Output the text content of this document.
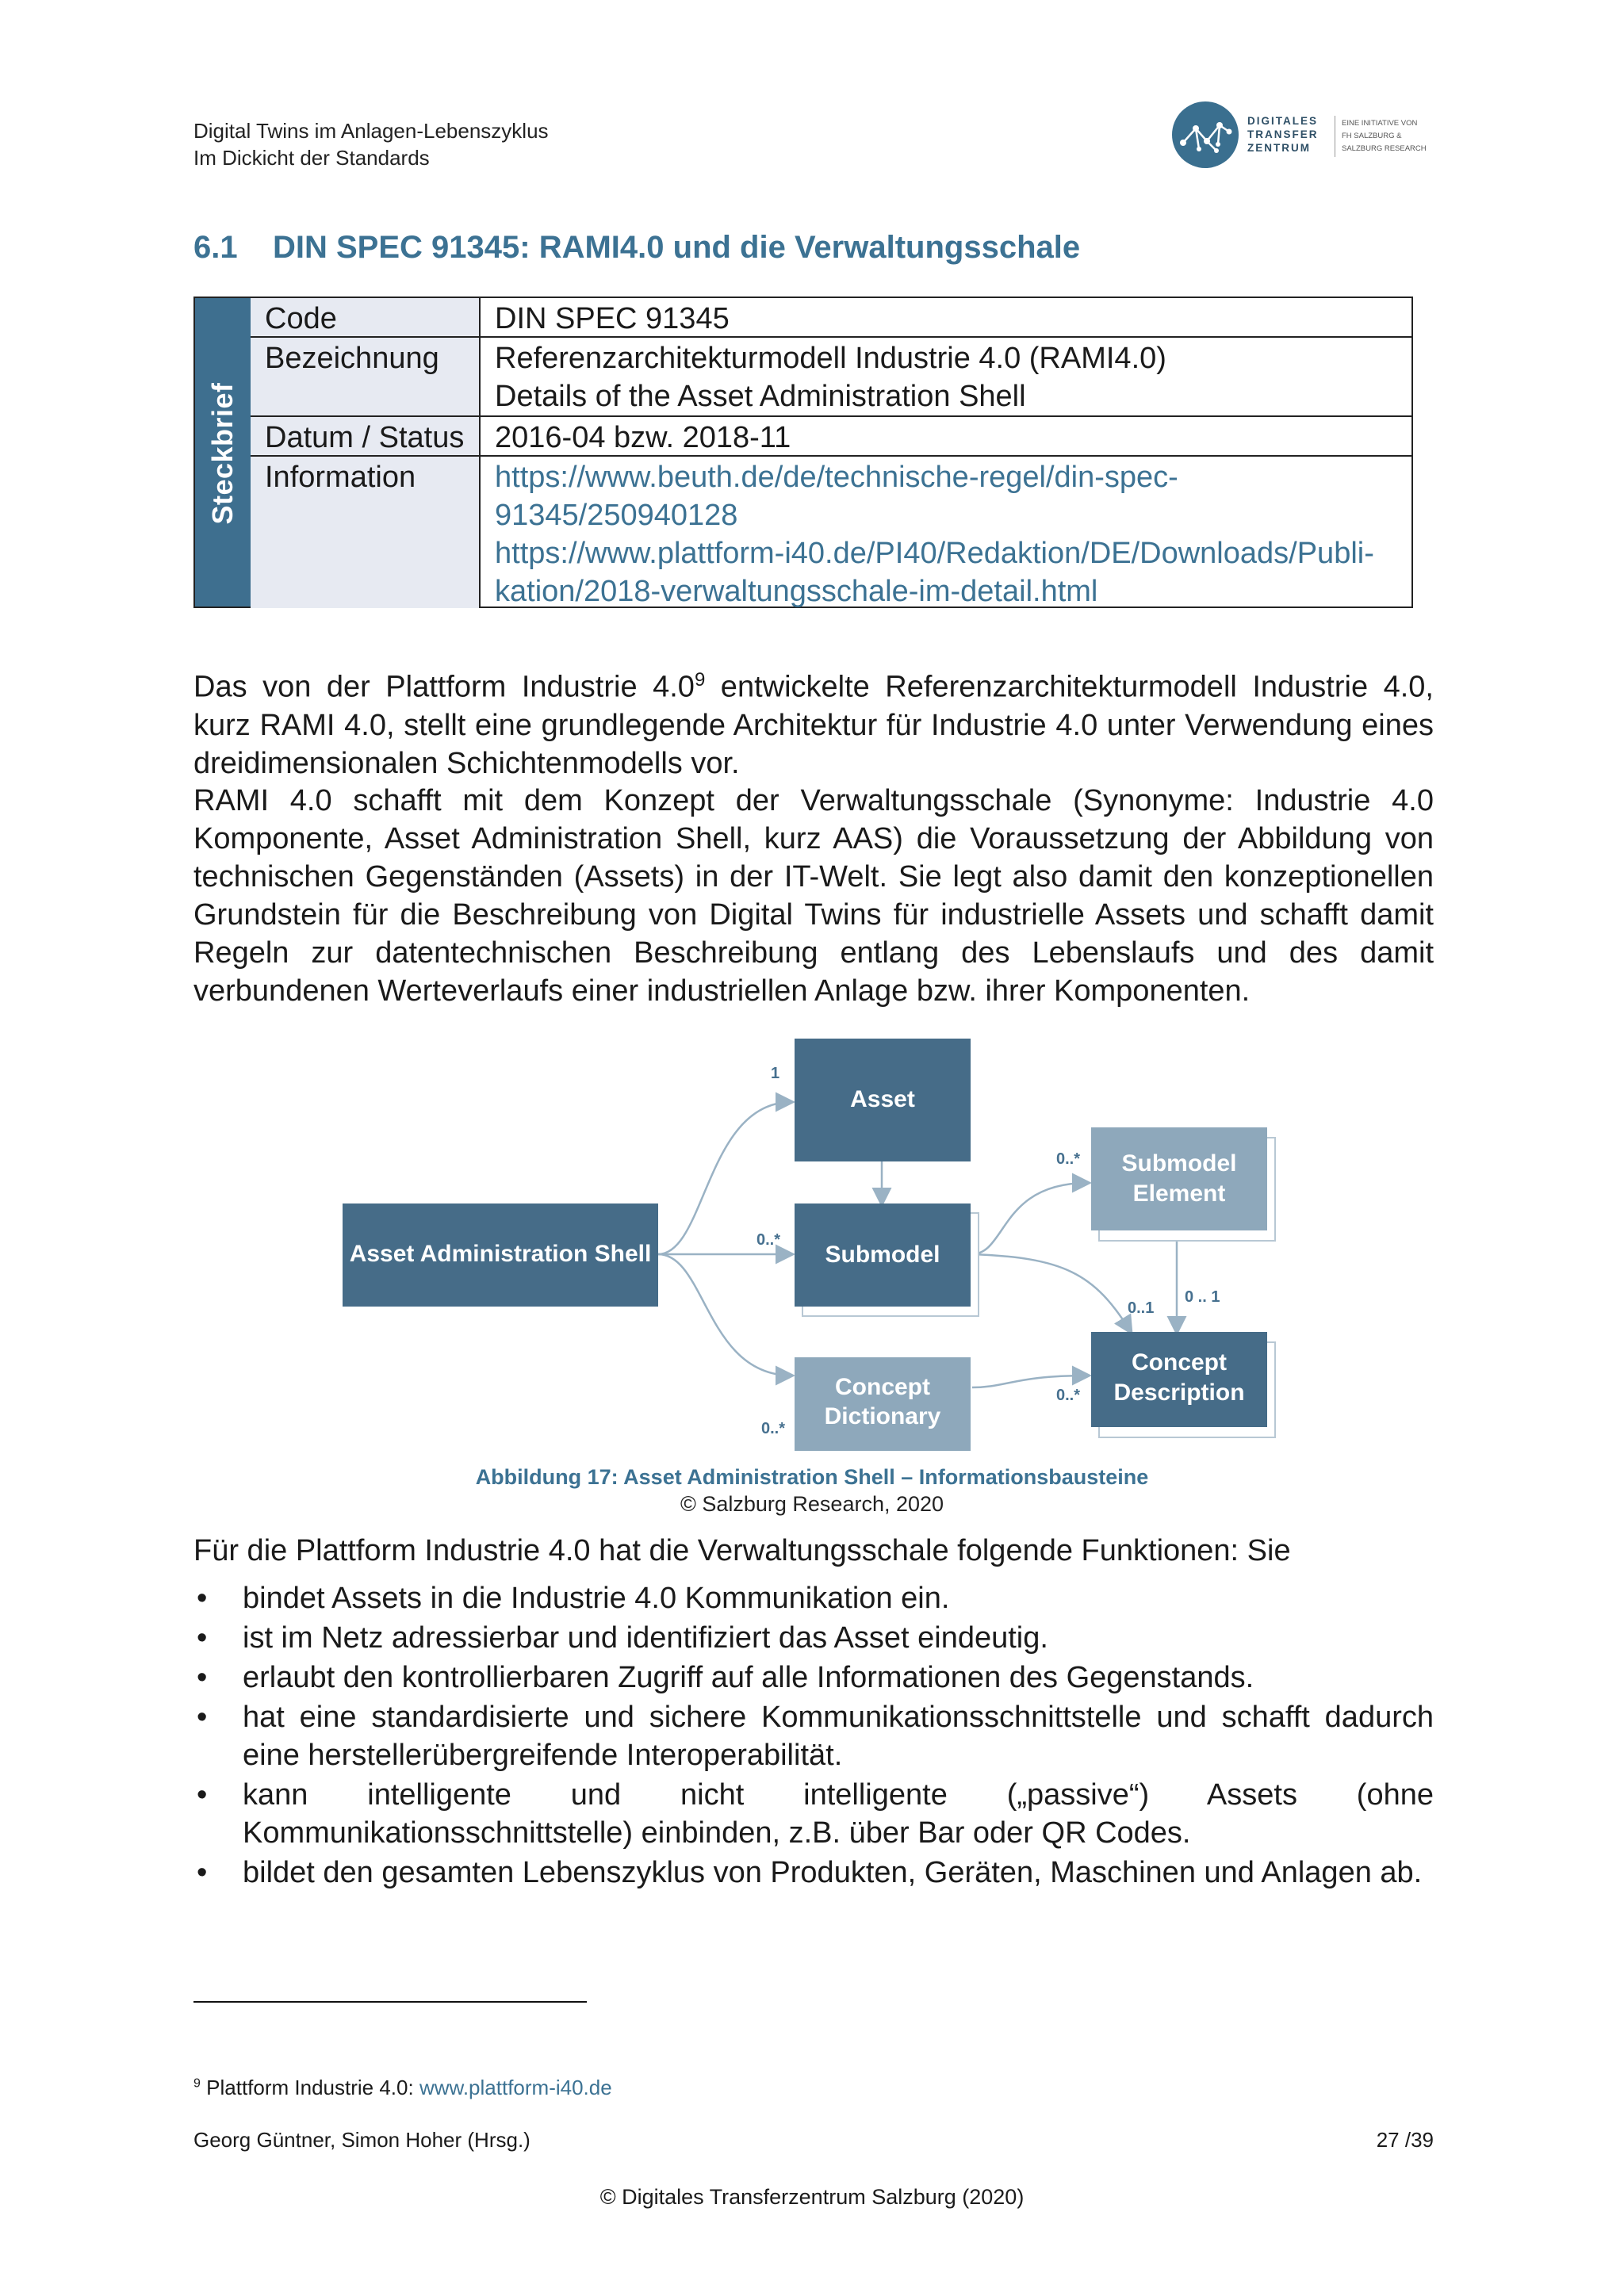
Digital Twins im Anlagen-Lebenszyklus
Im Dickicht der Standards
DIGITALES
TRANSFER
ZENTRUM
EINE INITIATIVE VON
FH SALZBURG &
SALZBURG RESEARCH
6.1 DIN SPEC 91345: RAMI4.0 und die Verwaltungsschale
Steckbrief
Code	DIN SPEC 91345
Bezeichnung	Referenzarchitekturmodell Industrie 4.0 (RAMI4.0)
Details of the Asset Administration Shell
Datum / Status	2016-04 bzw. 2018-11
Information	https://www.beuth.de/de/technische-regel/din-spec-
91345/250940128
https://www.plattform-i40.de/PI40/Redaktion/DE/Downloads/Publi-
kation/2018-verwaltungsschale-im-detail.html

Das von der Plattform Industrie $4.0^9$ entwickelte Referenzarchitekturmodell Industrie 4.0, kurz RAMI 4.0, stellt eine grundlegende Architektur für Industrie 4.0 unter Verwendung eines dreidimensionalen Schichtenmodells vor.

RAMI 4.0 schafft mit dem Konzept der Verwaltungsschale (Synonyme: Industrie 4.0 Komponente, Asset Administration Shell, kurz AAS) die Voraussetzung der Abbildung von technischen Gegenständen (Assets) in der IT-Welt. Sie legt also damit den konzeptionellen Grundstein für die Beschreibung von Digital Twins für industrielle Assets und schafft damit Regeln zur datentechnischen Beschreibung entlang des Lebenslaufs und des damit verbundenen Werteverlaufs einer industriellen Anlage bzw. ihrer Komponenten.

Asset Administration Shell
Asset
Submodel
Submodel
Element
Concept
Dictionary
Concept
Description
1
0..*
0..*
0..*
0..1
0 .. 1
0..*
Abbildung 17: Asset Administration Shell – Informationsbausteine
© Salzburg Research, 2020

Für die Plattform Industrie 4.0 hat die Verwaltungsschale folgende Funktionen: Sie

• bindet Assets in die Industrie 4.0 Kommunikation ein.
• ist im Netz adressierbar und identifiziert das Asset eindeutig.
• erlaubt den kontrollierbaren Zugriff auf alle Informationen des Gegenstands.
• hat eine standardisierte und sichere Kommunikationsschnittstelle und schafft dadurch eine herstellerübergreifende Interoperabilität.
• kann intelligente und nicht intelligente („passive“) Assets (ohne Kommunikationsschnittstelle) einbinden, z.B. über Bar oder QR Codes.
• bildet den gesamten Lebenszyklus von Produkten, Geräten, Maschinen und Anlagen ab.
$^9$ Plattform Industrie 4.0: www.plattform-i40.de
Georg Güntner, Simon Hoher (Hrsg.)	27 /39
© Digitales Transferzentrum Salzburg (2020)
